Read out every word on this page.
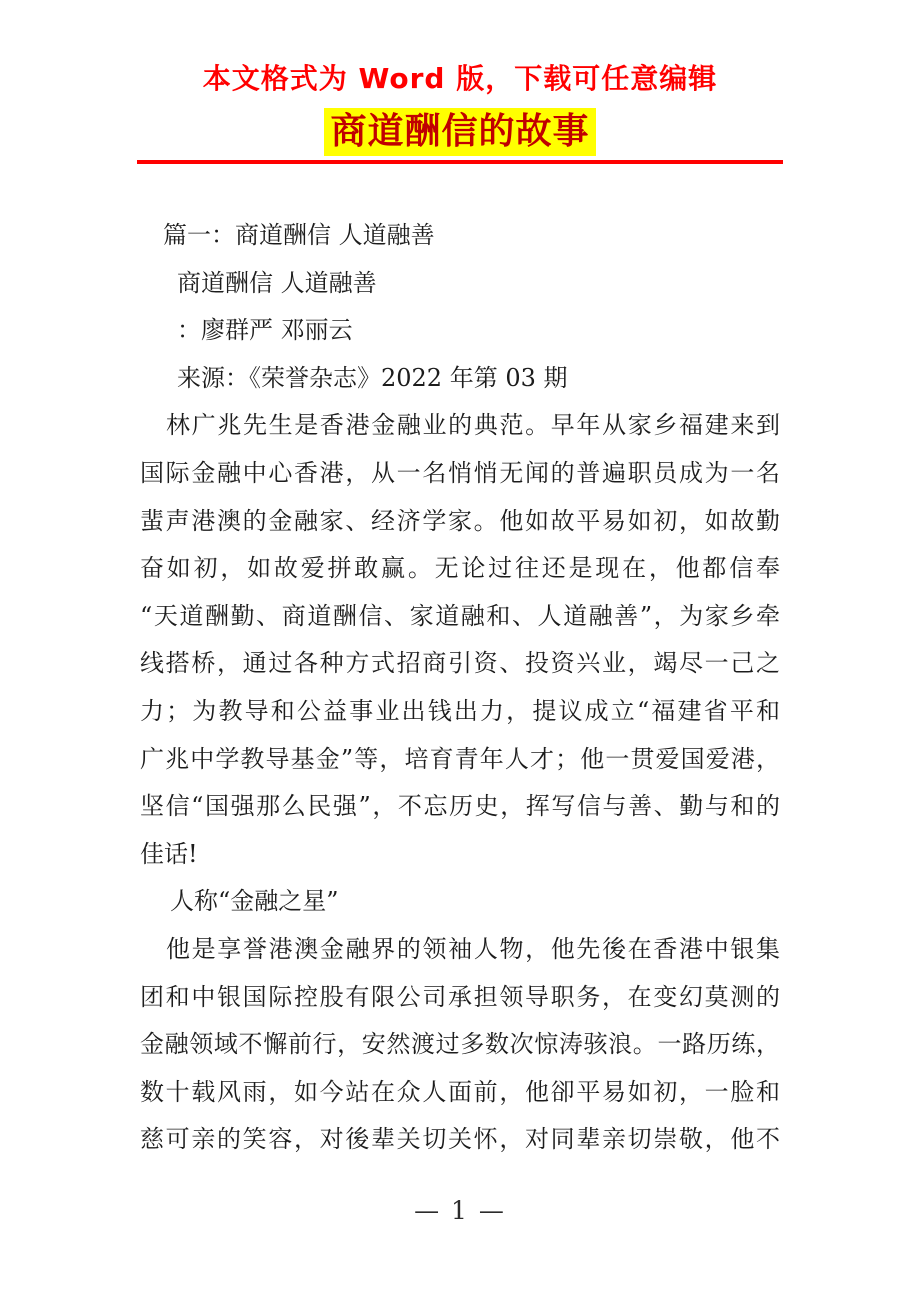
本文格式为 Word 版，下载可任意编辑
商道酬信的故事
篇一：商道酬信 人道融善
商道酬信 人道融善
：廖群严 邓丽云
来源：《荣誉杂志》2022 年第 03 期
林广兆先生是香港金融业的典范。早年从家乡福建来到
国际金融中心香港，从一名悄悄无闻的普遍职员成为一名
蜚声港澳的金融家、经济学家。他如故平易如初，如故勤
奋如初，如故爱拼敢赢。无论过往还是现在，他都信奉
“天道酬勤、商道酬信、家道融和、人道融善”，为家乡牵
线搭桥，通过各种方式招商引资、投资兴业，竭尽一己之
力；为教导和公益事业出钱出力，提议成立“福建省平和
广兆中学教导基金”等，培育青年人才；他一贯爱国爱港，
坚信“国强那么民强”，不忘历史，挥写信与善、勤与和的
佳话!
人称“金融之星”
他是享誉港澳金融界的领袖人物，他先後在香港中银集
团和中银国际控股有限公司承担领导职务，在变幻莫测的
金融领域不懈前行，安然渡过多数次惊涛骇浪。一路历练，
数十载风雨，如今站在众人面前，他卻平易如初，一脸和
慈可亲的笑容，对後辈关切关怀，对同辈亲切崇敬，他不
— 1 —
